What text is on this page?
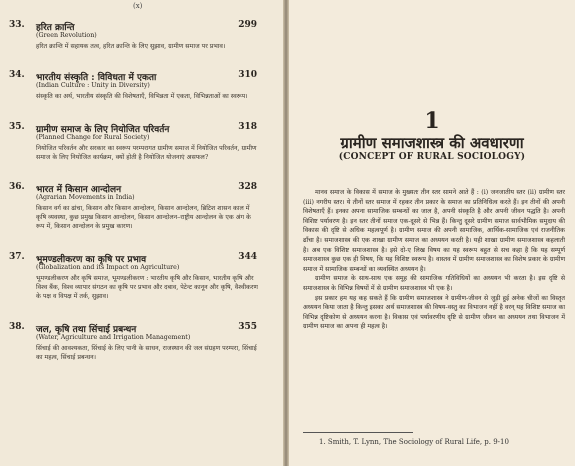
(x)
33. हरित क्रान्ति	299
(Green Revolution)
हरित क्रान्ति में सहायक तत्व, हरित क्रान्ति के लिए सुझाव, ग्रामीण समाज पर प्रभाव।
34. भारतीय संस्कृति : विविधता में एकता	310
(Indian Culture : Unity in Diversity)
संस्कृति का अर्थ, भारतीय संस्कृति की विशेषताएँ, विभिन्नता में एकता, विभिन्नताओं का स्वरूप।
35. ग्रामीण समाज के लिए नियोजित परिवर्तन	318
(Planned Change for Rural Society)
नियोजित परिवर्तन और सरकार का स्वरूप परम्परागत ग्रामीण समाज में नियोजित परिवर्तन, ग्रामीण समाज के लिए नियोजित कार्यक्रम, क्यों होती है नियोजित योजनाएं असफल?
36. भारत में किसान आन्दोलन	328
(Agrarian Movements in India)
किसान वर्ग का ढांचा, किसान और किसान आन्दोलन, किसान आन्दोलन, ब्रिटिश शासन काल में कृषि व्यवस्था, कुछ प्रमुख किसान आन्दोलन, किसान आन्दोलन–राष्ट्रीय आन्दोलन के एक अंग के रूप में, किसान आन्दोलन के प्रमुख कारण।
37. भूमण्डलीकरण का कृषि पर प्रभाव	344
(Globalization and its Impact on Agriculture)
भूमण्डलीकरण और कृषि समाज, भूमण्डलीकरण : भारतीय कृषि और किसान, भारतीय कृषि और विश्व बैंक, विश्व व्यापार संगठन का कृषि पर प्रभाव और दबाव, पेटेन्ट कानून और कृषि, वैश्वीकरण के पक्ष व विपक्ष में तर्क, सुझाव।
38. जल, कृषि तथा सिंचाई प्रबन्धन	355
(Water, Agriculture and Irrigation Management)
सिंचाई की आवश्यकता, सिंचाई के लिए पानी के साधन, राजस्थान की जल संग्रहण परम्परा, सिंचाई का महत्व, सिंचाई प्रबन्धन।
1
ग्रामीण समाजशास्त्र की अवधारणा
(CONCEPT OF RURAL SOCIOLOGY)

मानव समाज के विकास में समाज के मुख्यतः तीन स्तर सामने आते हैं : (i) जनजातीय स्तर (ii) ग्रामीण स्तर (iii) नगरीय स्तर। ये तीनों स्तर समाज में रहकर तीन प्रकार के समाज का प्रतिनिधित्व करते हैं। इन तीनों की अपनी विशेषताएँ हैं। इनका अपना सामाजिक सम्बन्धों का जाल है, अपनी संस्कृति है और अपनी जीवन पद्धति है। अपनी विशिष्ट पर्यावरण है। इन स्तर तीनों समाज एक-दूसरे से भिन्न हैं। किन्तु दूसरे ग्रामीण समाज सार्वभौमिक समुदाय की विकास की दृष्टि से अधिक महत्वपूर्ण है। ग्रामीण समाज की अपनी सामाजिक, आर्थिक-सामाजिक एवं राजनीतिक ढाँचा है। समाजशास्त्र की एक शाखा ग्रामीण समाज का अध्ययन करती है। यही शाखा ग्रामीण समाजशास्त्र कहलाती है। अब एक विशिष्ट समाजशास्त्र है। इसे दो-ए लिख विषय का यह स्वरूप बहुत से सच कहा है कि यह सम्पूर्ण समाजशास्त्र कुछ एक ही विषय, कि यह विशिष्ट स्वरूप है। वास्तव में ग्रामीण समाजशास्त्र का विशेष प्रकार के ग्रामीण समाज में सामाजिक सम्बन्धों का व्यवस्थित अध्ययन है।

ग्रामीण समाज के साथ-साथ एक समूह की सामाजिक गतिविधियों का अध्ययन भी करता है। इस दृष्टि से समाजशास्त्र के विभिन्न विषयों में से ग्रामीण समाजशास्त्र भी एक है।

इस प्रकार हम यह कह सकते हैं कि ग्रामीण समाजशास्त्र ने ग्रामीण-जीवन से जुड़ी हुई अनेक चीजों का विस्तृत अध्ययन किया जाता है किन्तु इसका अर्थ समाजशास्त्र की विषय-वस्तु का विभाजन नहीं है वरन् यह विशिष्ट समाज का विभिन्न दृष्टिकोण से अध्ययन करना है। विकास एवं पर्यावरणीय दृष्टि से ग्रामीण जीवन का अध्ययन तथा विभाजन में ग्रामीण समाज का अपना ही महत्व है।

1. Smith, T. Lynn, The Sociology of Rural Life, p. 9-10
